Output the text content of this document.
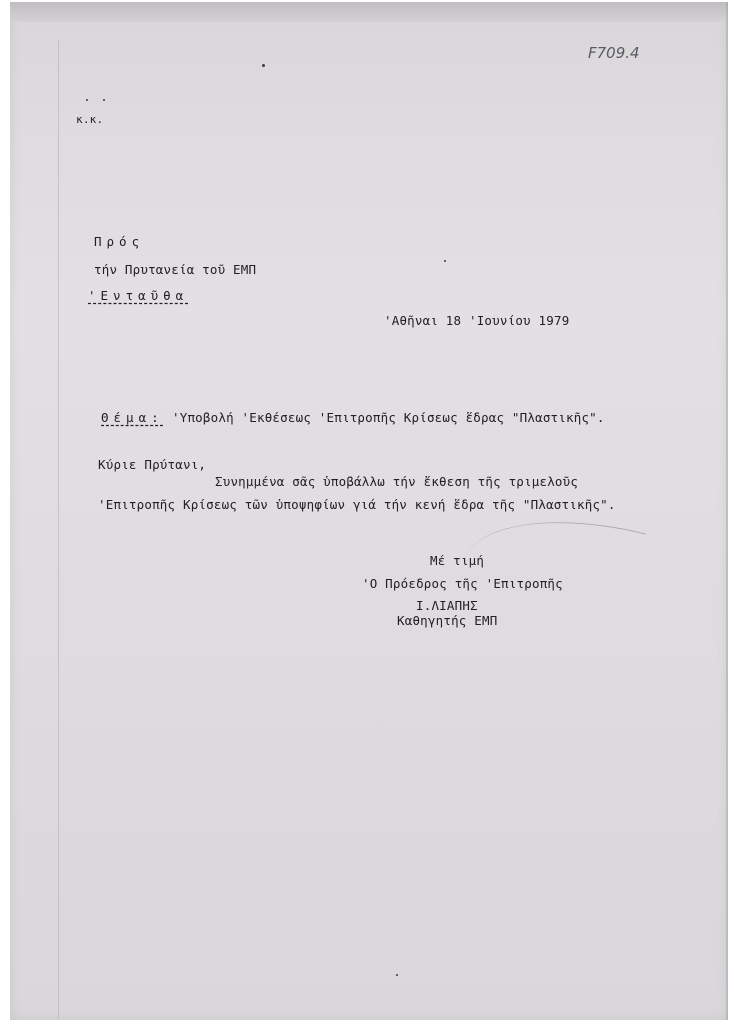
F709.4
κ.κ.
Πρός
τήν Πρυτανεία τοῦ ΕΜΠ
'Ενταῦθα
'Αθῆναι 18 'Ιουνίου 1979
Θέμα: 'Υποβολή 'Εκθέσεως 'Επιτροπῆς Κρίσεως ἕδρας "Πλαστικῆς".
Κύριε Πρύτανι,
Συνημμένα σᾶς ὑποβάλλω τήν ἔκθεση τῆς τριμελοῦς
'Επιτροπῆς Κρίσεως τῶν ὑποψηφίων γιά τήν κενή ἕδρα τῆς "Πλαστικῆς".
Μέ τιμή
'Ο Πρόεδρος τῆς 'Επιτροπῆς
Ι.ΛΙΑΠΗΣ
Καθηγητής ΕΜΠ
